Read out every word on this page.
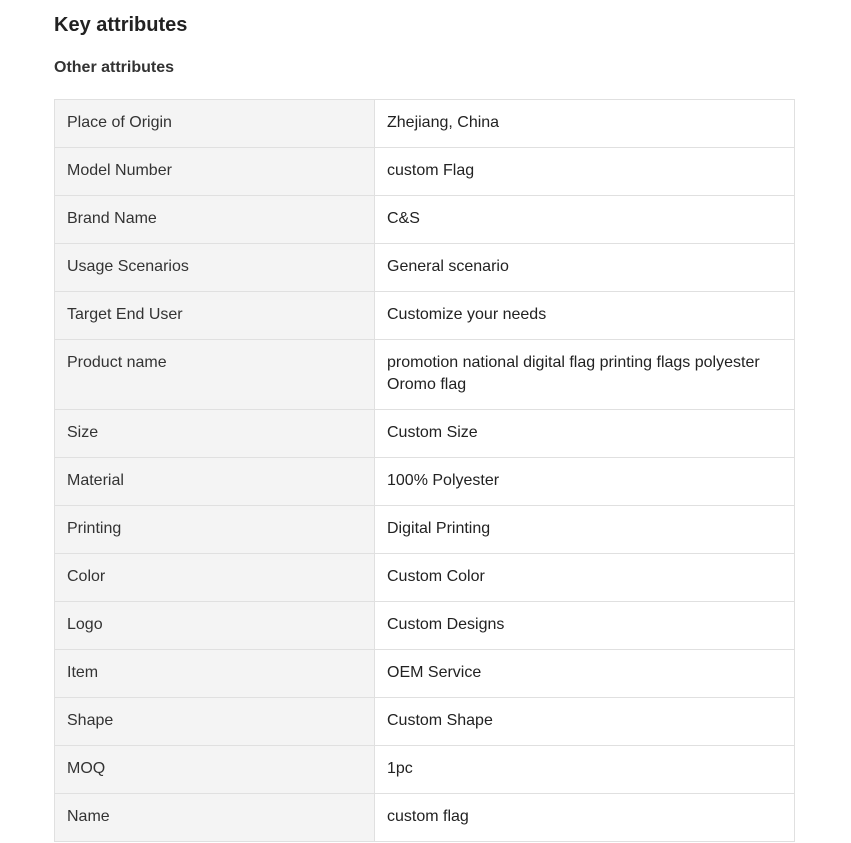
Key attributes
Other attributes
Place of Origin	Zhejiang, China
Model Number	custom Flag
Brand Name	C&S
Usage Scenarios	General scenario
Target End User	Customize your needs
Product name	promotion national digital flag printing flags polyester Oromo flag
Size	Custom Size
Material	100% Polyester
Printing	Digital Printing
Color	Custom Color
Logo	Custom Designs
Item	OEM Service
Shape	Custom Shape
MOQ	1pc
Name	custom flag
